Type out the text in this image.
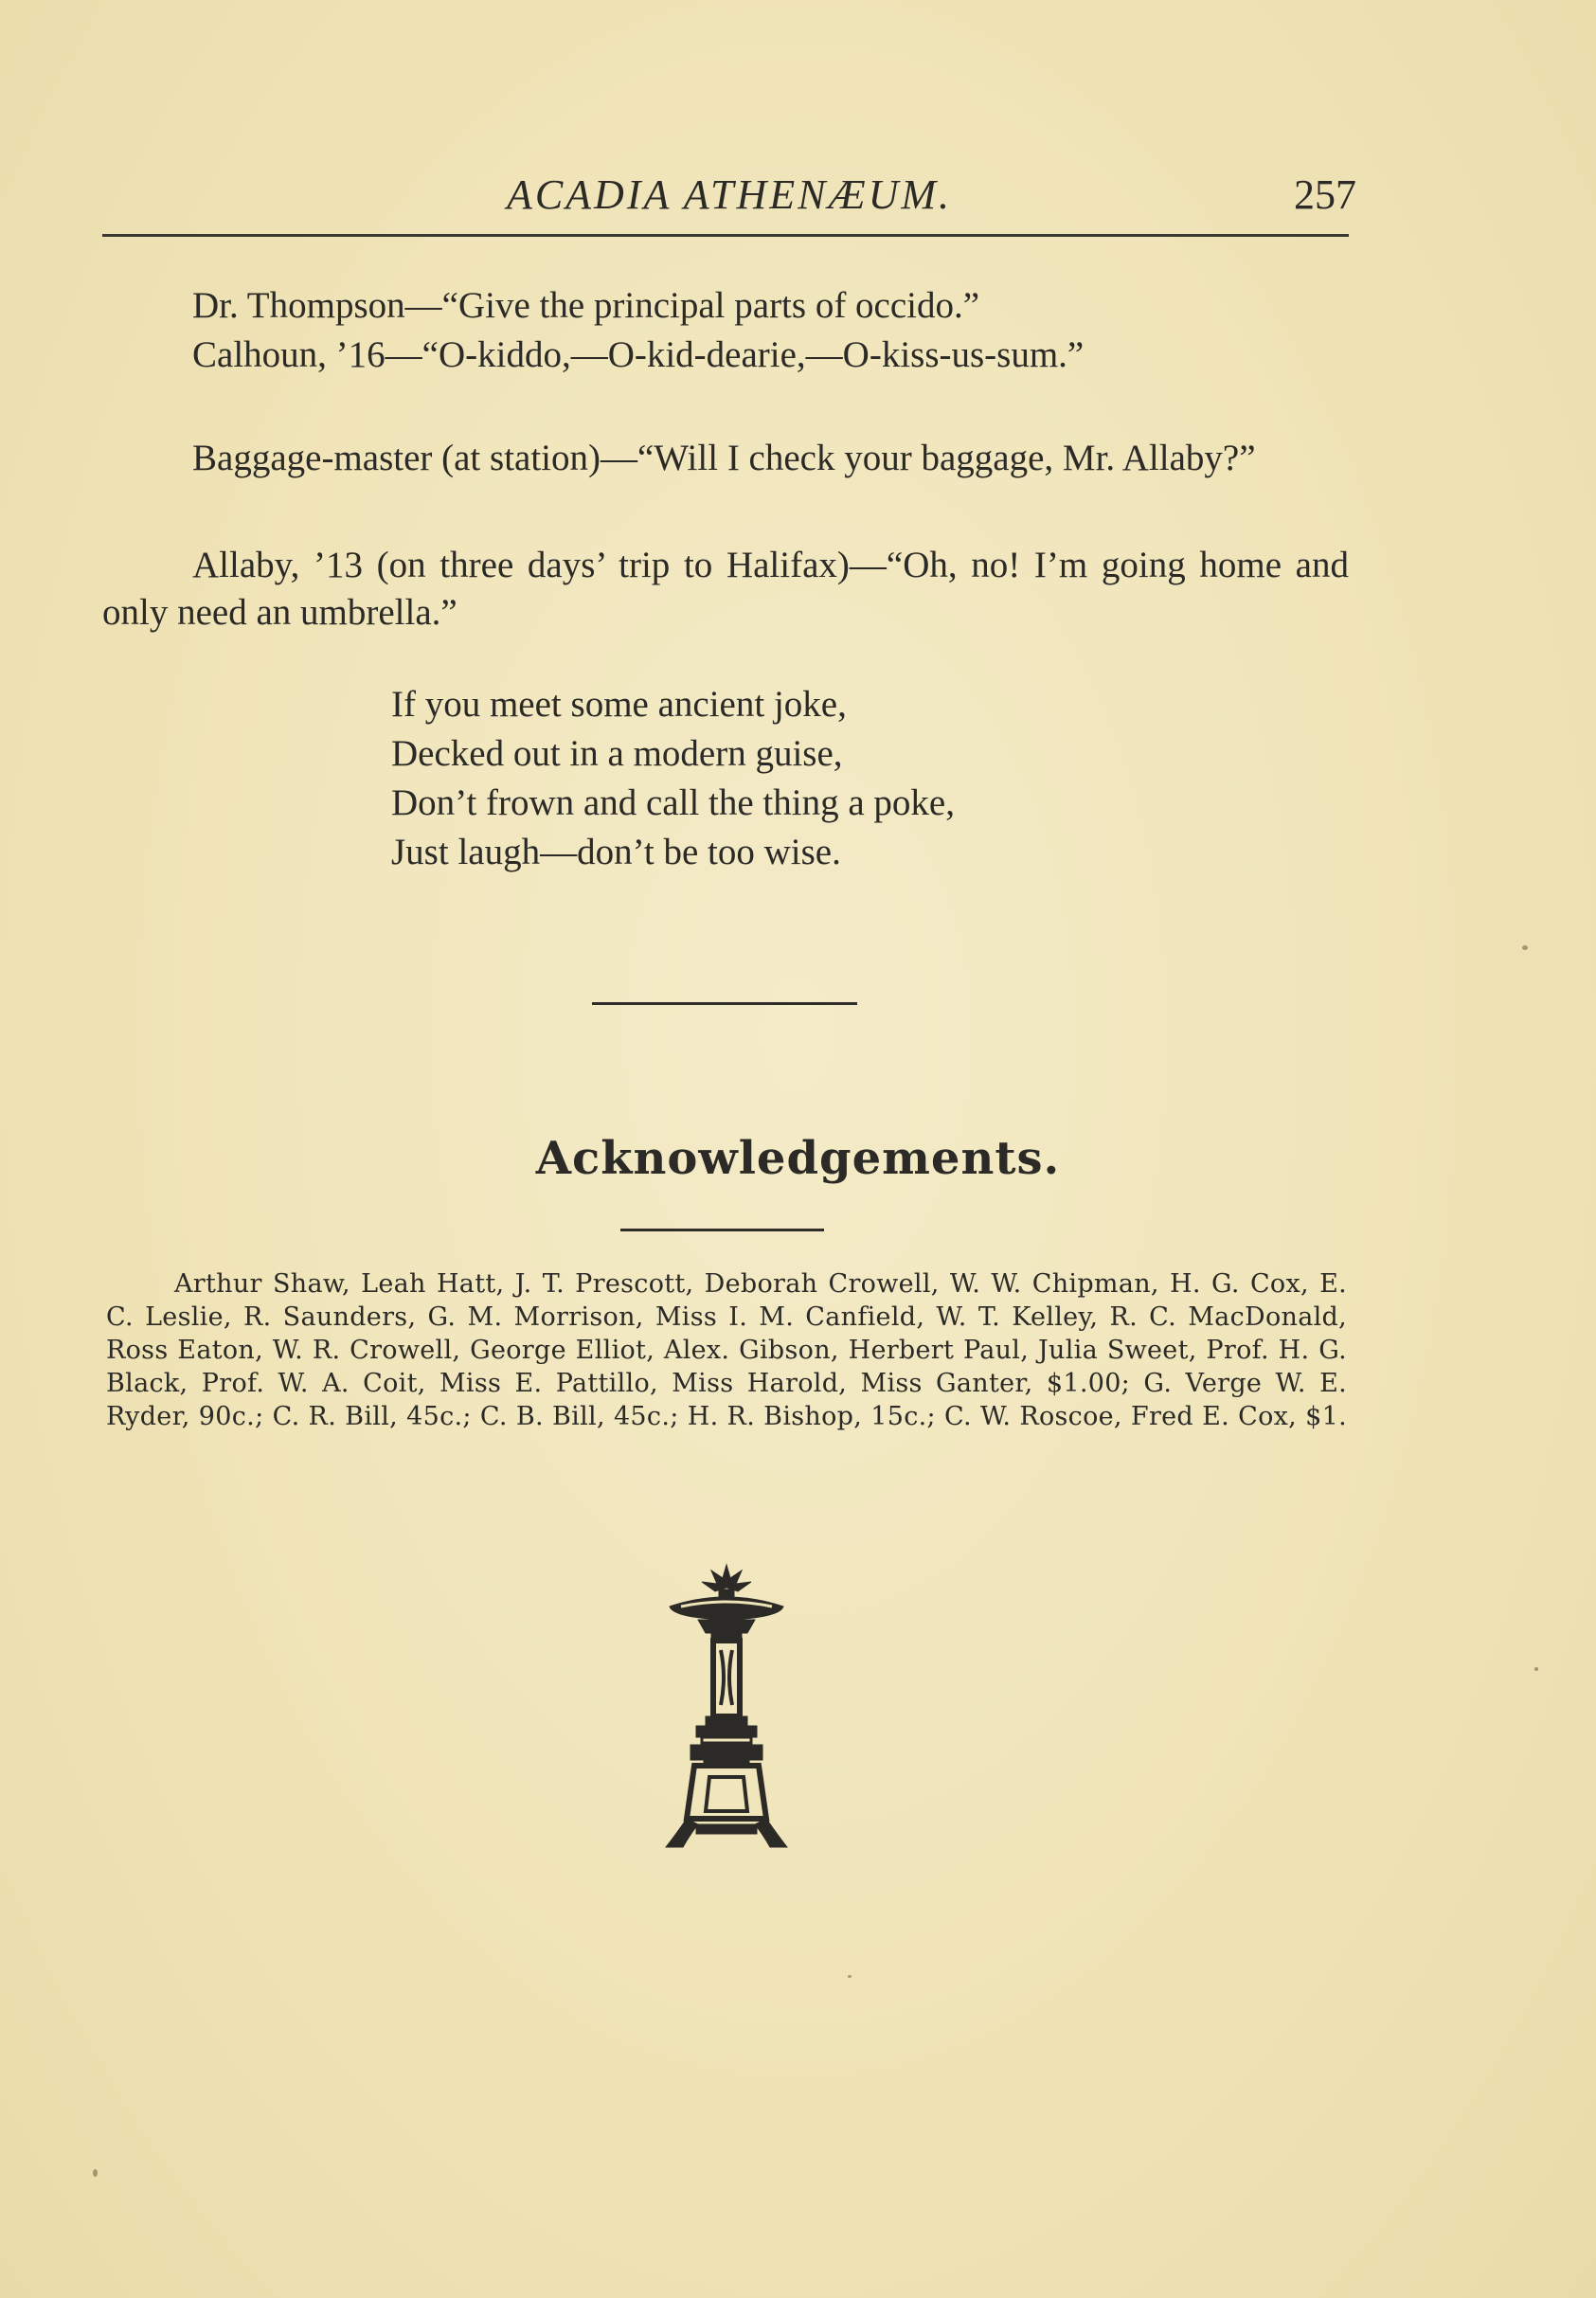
ACADIA ATHENÆUM.	257

Dr. Thompson—“Give the principal parts of occido.”

Calhoun, ’16—“O-kiddo,—O-kid-dearie,—O-kiss-us-sum.”

Baggage-master (at station)—“Will I check your baggage, Mr. Allaby?”

Allaby, ’13 (on three days’ trip to Halifax)—“Oh, no! I’m going home and only need an umbrella.”

If you meet some ancient joke,
Decked out in a modern guise,
Don’t frown and call the thing a poke,
Just laugh—don’t be too wise.
Acknowledgements.

Arthur Shaw, Leah Hatt, J. T. Prescott, Deborah Crowell, W. W. Chipman, H. G. Cox, E. C. Leslie, R. Saunders, G. M. Morrison, Miss I. M. Canfield, W. T. Kelley, R. C. MacDonald, Ross Eaton, W. R. Crowell, George Elliot, Alex. Gibson, Herbert Paul, Julia Sweet, Prof. H. G. Black, Prof. W. A. Coit, Miss E. Pattillo, Miss Harold, Miss Ganter, $1.00; G. Verge W. E. Ryder, 90c.; C. R. Bill, 45c.; C. B. Bill, 45c.; H. R. Bishop, 15c.; C. W. Roscoe, Fred E. Cox, $1.
